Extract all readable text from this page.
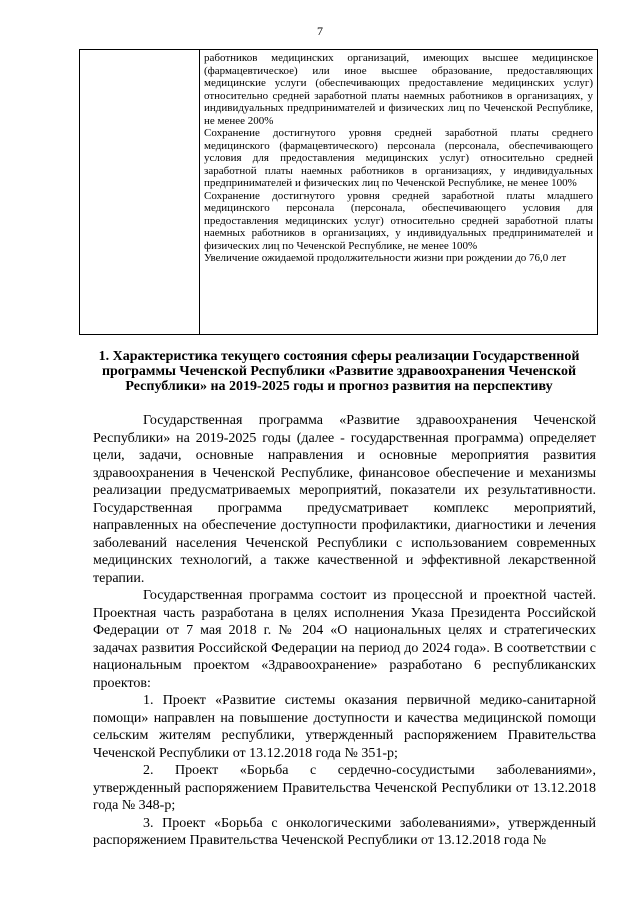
7

работников медицинских организаций, имеющих высшее медицинское (фармацевтическое) или иное высшее образование, предоставляющих медицинские услуги (обеспечивающих предоставление медицинских услуг) относительно средней заработной платы наемных работников в организациях, у индивидуальных предпринимателей и физических лиц по Чеченской Республике, не менее 200%

Сохранение достигнутого уровня средней заработной платы среднего медицинского (фармацевтического) персонала (персонала, обеспечивающего условия для предоставления медицинских услуг) относительно средней заработной платы наемных работников в организациях, у индивидуальных предпринимателей и физических лиц по Чеченской Республике, не менее 100%

Сохранение достигнутого уровня средней заработной платы младшего медицинского персонала (персонала, обеспечивающего условия для предоставления медицинских услуг) относительно средней заработной платы наемных работников в организациях, у индивидуальных предпринимателей и физических лиц по Чеченской Республике, не менее 100%

Увеличение ожидаемой продолжительности жизни при рождении до 76,0 лет

1. Характеристика текущего состояния сферы реализации Государственной программы Чеченской Республики «Развитие здравоохранения Чеченской Республики» на 2019-2025 годы и прогноз развития на перспективу

Государственная программа «Развитие здравоохранения Чеченской Республики» на 2019-2025 годы (далее - государственная программа) определяет цели, задачи, основные направления и основные мероприятия развития здравоохранения в Чеченской Республике, финансовое обеспечение и механизмы реализации предусматриваемых мероприятий, показатели их результативности. Государственная программа предусматривает комплекс мероприятий, направленных на обеспечение доступности профилактики, диагностики и лечения заболеваний населения Чеченской Республики с использованием современных медицинских технологий, а также качественной и эффективной лекарственной терапии.

Государственная программа состоит из процессной и проектной частей. Проектная часть разработана в целях исполнения Указа Президента Российской Федерации от 7 мая 2018 г. № 204 «О национальных целях и стратегических задачах развития Российской Федерации на период до 2024 года». В соответствии с национальным проектом «Здравоохранение» разработано 6 республиканских проектов:

1. Проект «Развитие системы оказания первичной медико-санитарной помощи» направлен на повышение доступности и качества медицинской помощи сельским жителям республики, утвержденный распоряжением Правительства Чеченской Республики от 13.12.2018 года № 351-р;

2. Проект «Борьба с сердечно-сосудистыми заболеваниями», утвержденный распоряжением Правительства Чеченской Республики от 13.12.2018 года № 348-р;

3. Проект «Борьба с онкологическими заболеваниями», утвержденный распоряжением Правительства Чеченской Республики от 13.12.2018 года №
